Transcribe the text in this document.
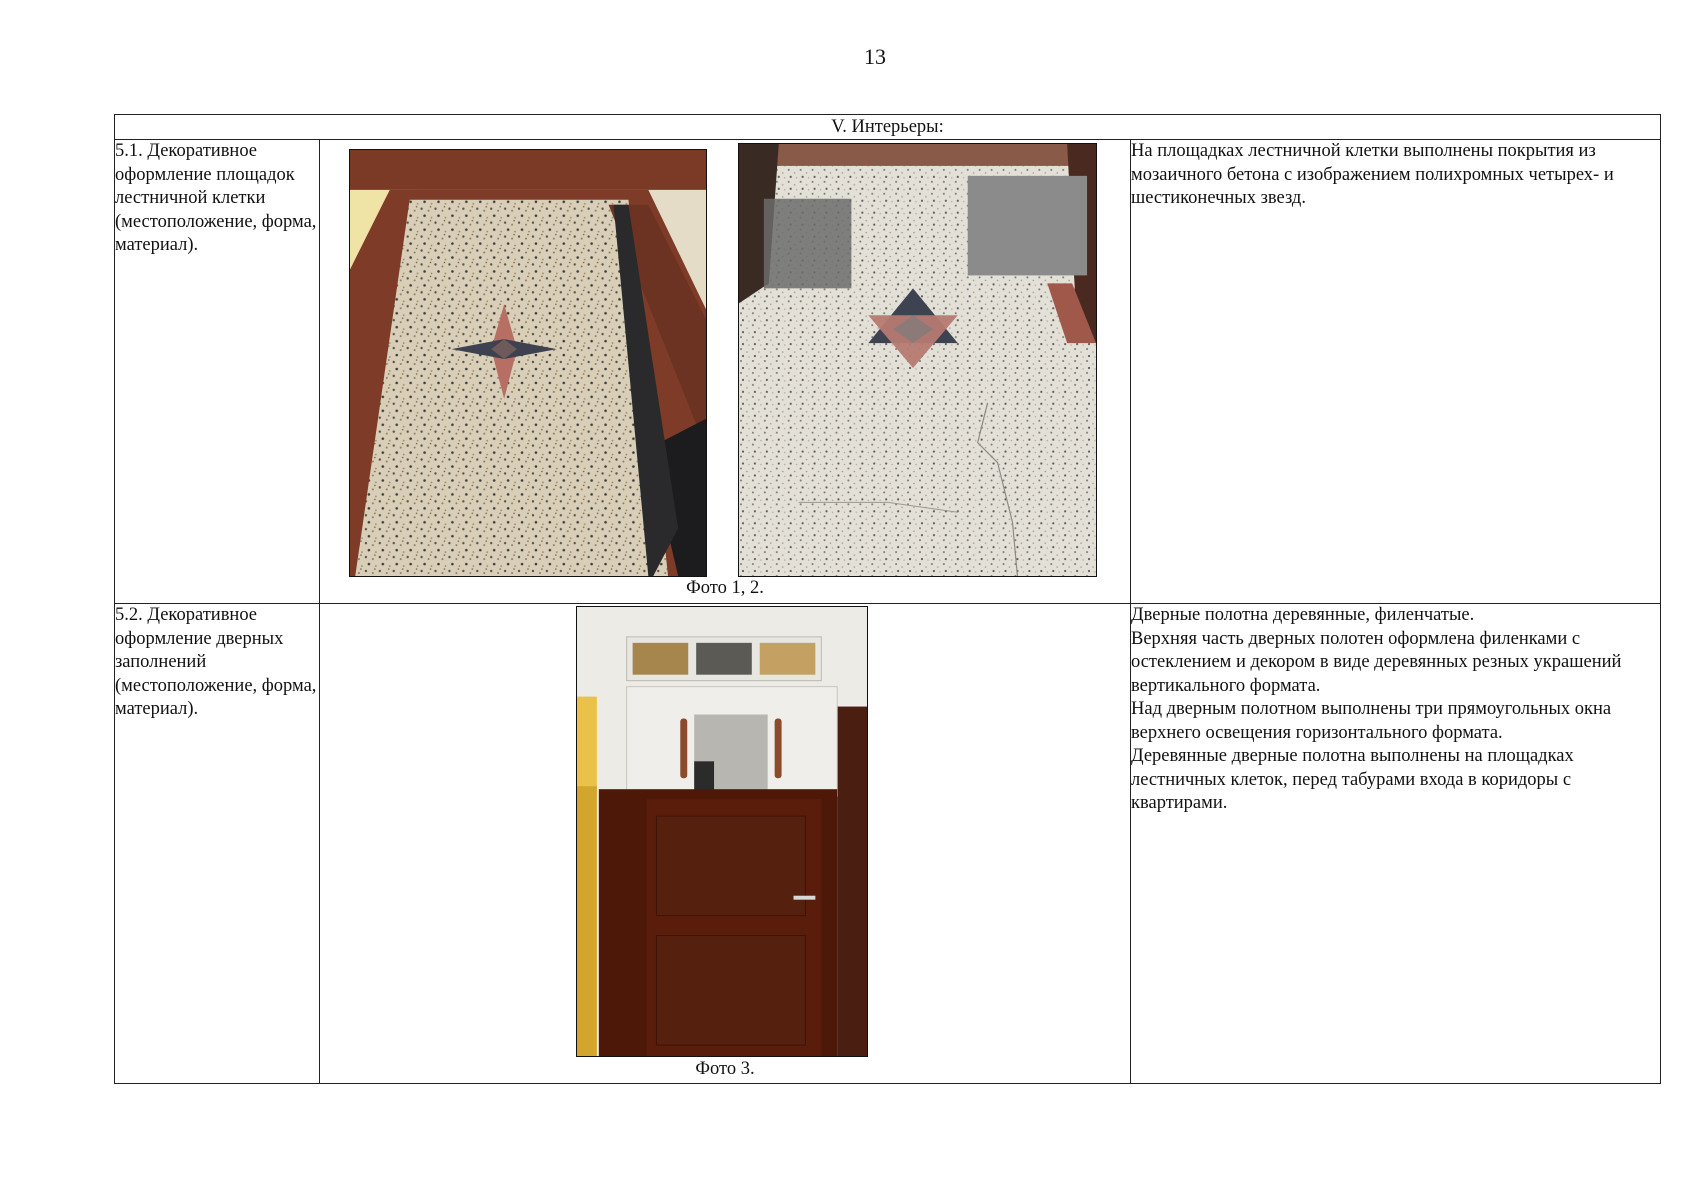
13
V. Интерьеры:		
5.1. Декоративное оформление площадок лестничной клетки (местоположение, форма, материал).	Фото 1, 2.	На площадках лестничной клетки выполнены покрытия из мозаичного бетона с изображением полихромных четырех- и шестиконечных звезд.

5.2. Декоративное оформление дверных заполнений (местоположение, форма, материал).	Фото 3.	Дверные полотна деревянные, филенчатые.

Верхняя часть дверных полотен оформлена филенками с остеклением и декором в виде деревянных резных украшений вертикального формата.

Над дверным полотном выполнены три прямоугольных окна верхнего освещения горизонтального формата.

Деревянные дверные полотна выполнены на площадках лестничных клеток, перед табурами входа в коридоры с квартирами.
